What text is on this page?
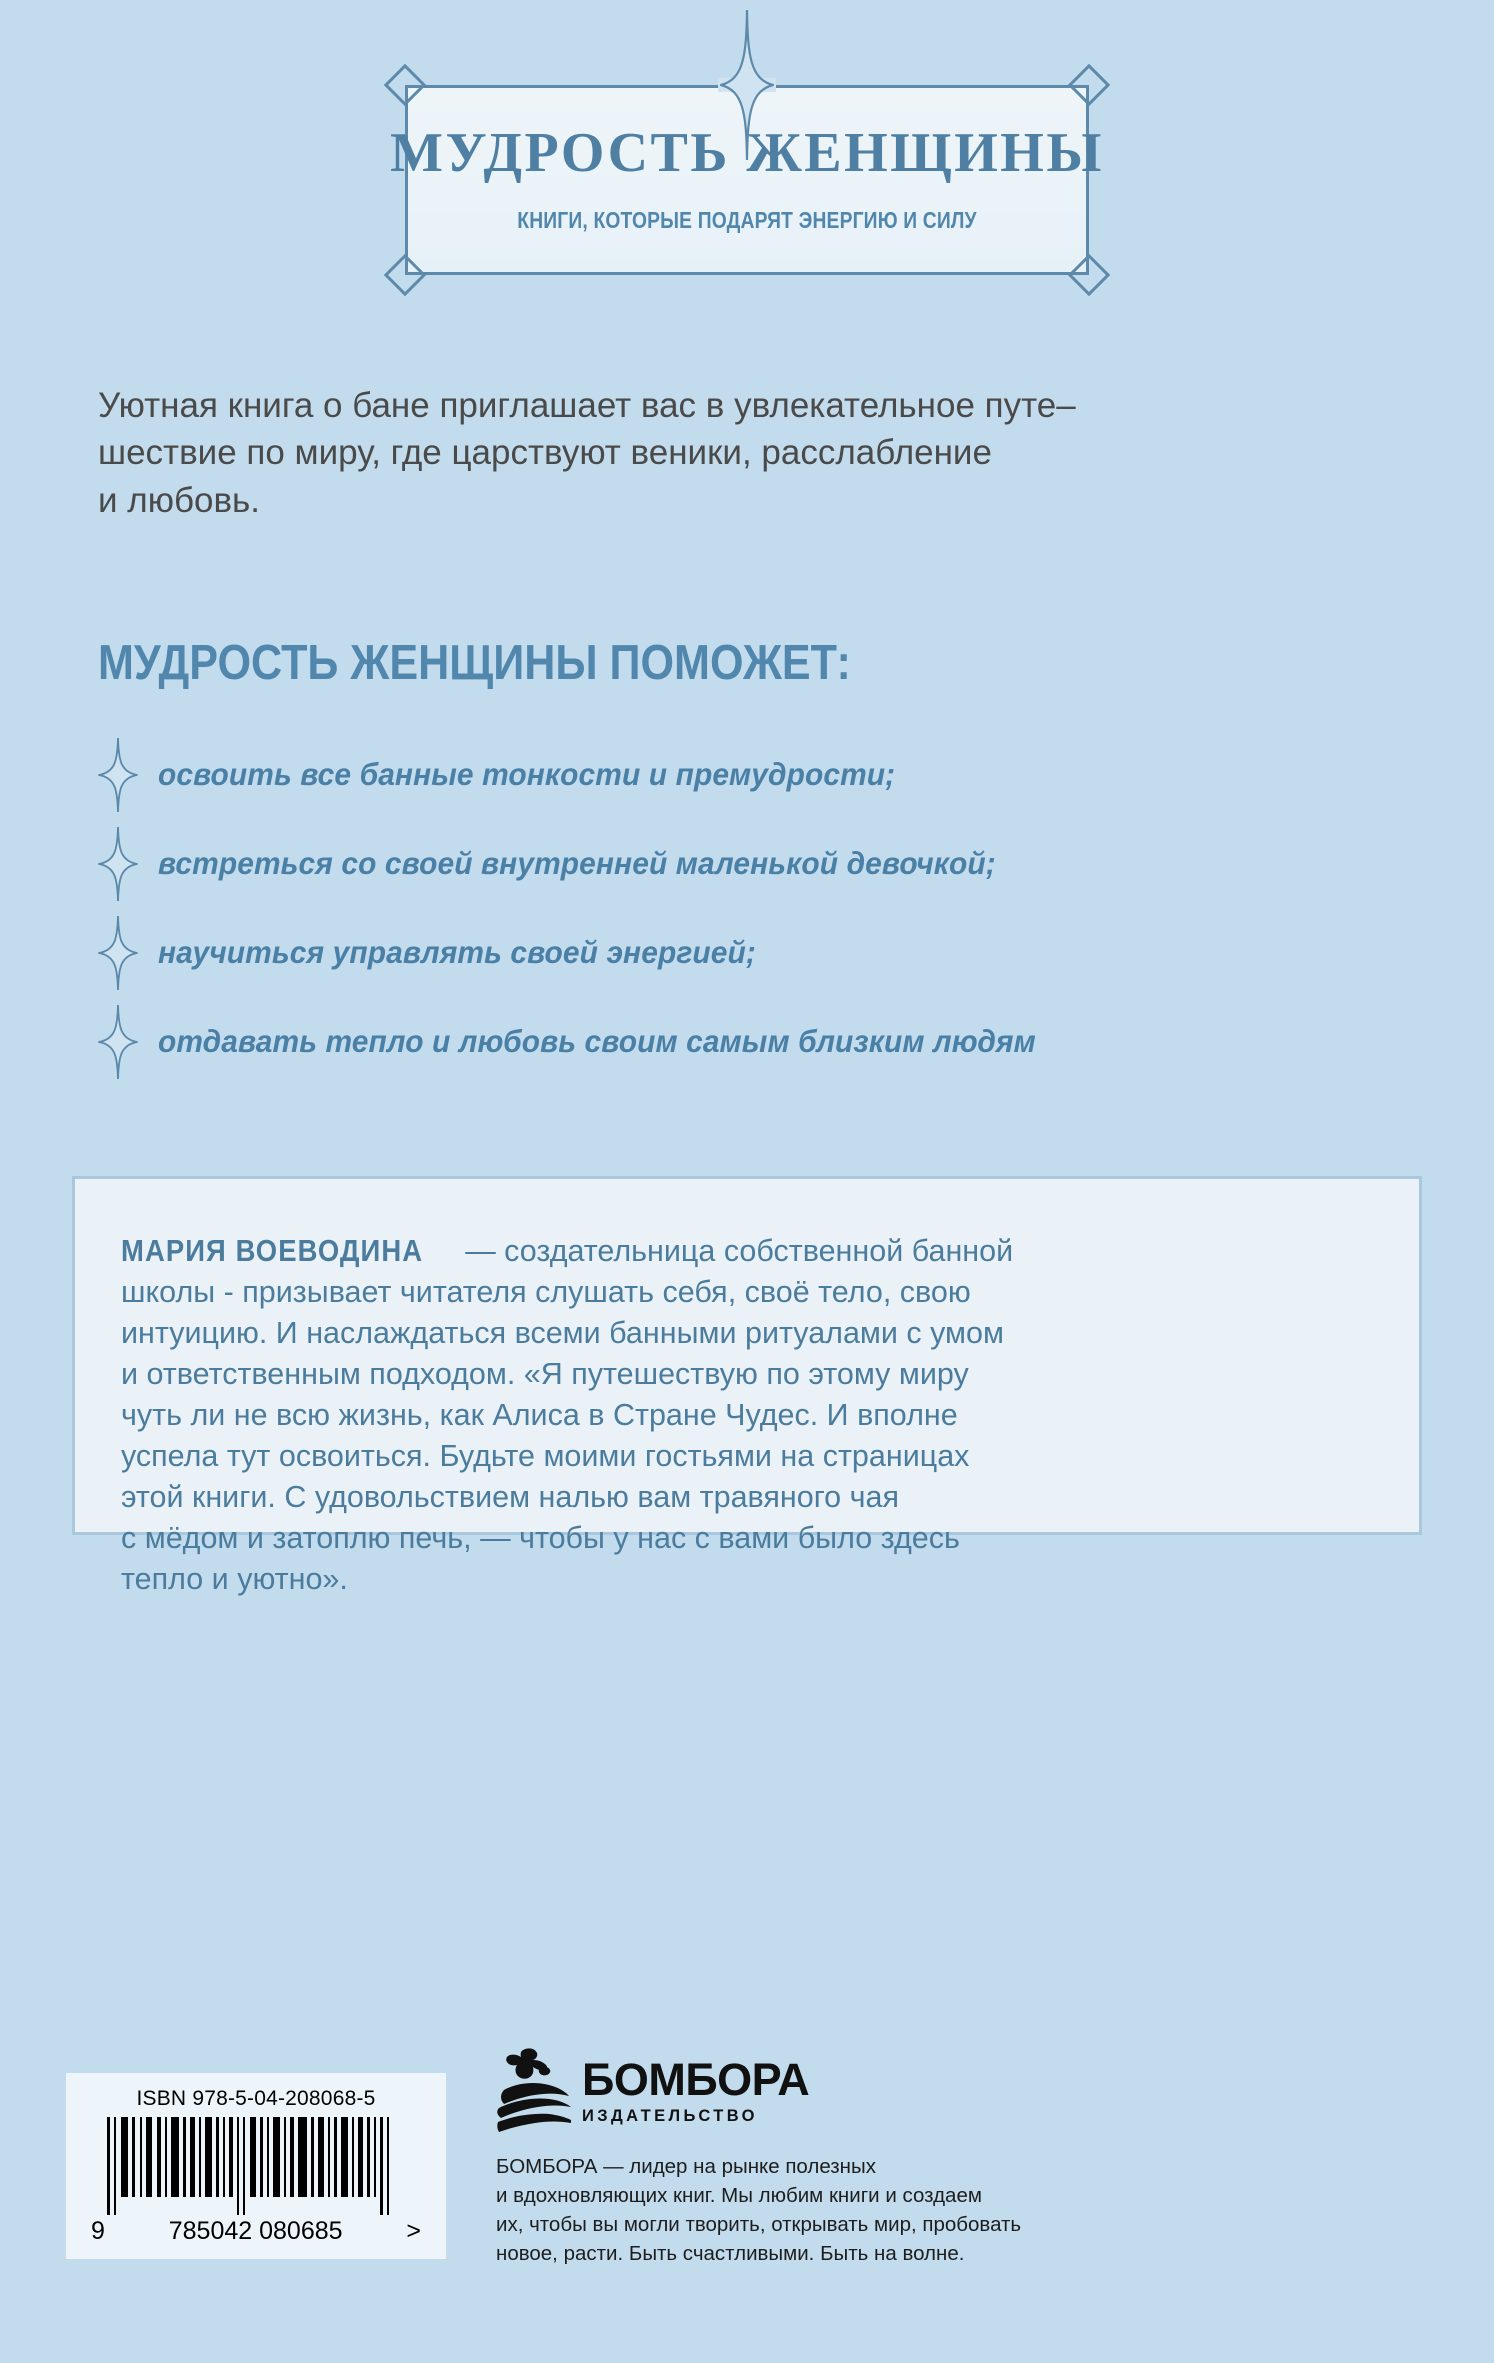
МУДРОСТЬ ЖЕНЩИНЫ
КНИГИ, КОТОРЫЕ ПОДАРЯТ ЭНЕРГИЮ И СИЛУ
Уютная книга о бане приглашает вас в увлекательное путе–
шествие по миру, где царствуют веники, расслабление
и любовь.
МУДРОСТЬ ЖЕНЩИНЫ ПОМОЖЕТ:
освоить все банные тонкости и премудрости;
встреться со своей внутренней маленькой девочкой;
научиться управлять своей энергией;
отдавать тепло и любовь своим самым близким людям

МАРИЯ ВОЕВОДИНА — создательница собственной банной

школы - призывает читателя слушать себя, своё тело, свою

интуицию. И наслаждаться всеми банными ритуалами с умом

и ответственным подходом. «Я путешествую по этому миру

чуть ли не всю жизнь, как Алиса в Стране Чудес. И вполне

успела тут освоиться. Будьте моими гостьями на страницах

этой книги. С удовольствием налью вам травяного чая

с мёдом и затоплю печь, — чтобы у нас с вами было здесь

тепло и уютно».

ISBN 978-5-04-208068-5
9	785042 080685	>
БОМБОРА
ИЗДАТЕЛЬСТВО
БОМБОРА — лидер на рынке полезных
и вдохновляющих книг. Мы любим книги и создаем
их, чтобы вы могли творить, открывать мир, пробовать
новое, расти. Быть счастливыми. Быть на волне.
